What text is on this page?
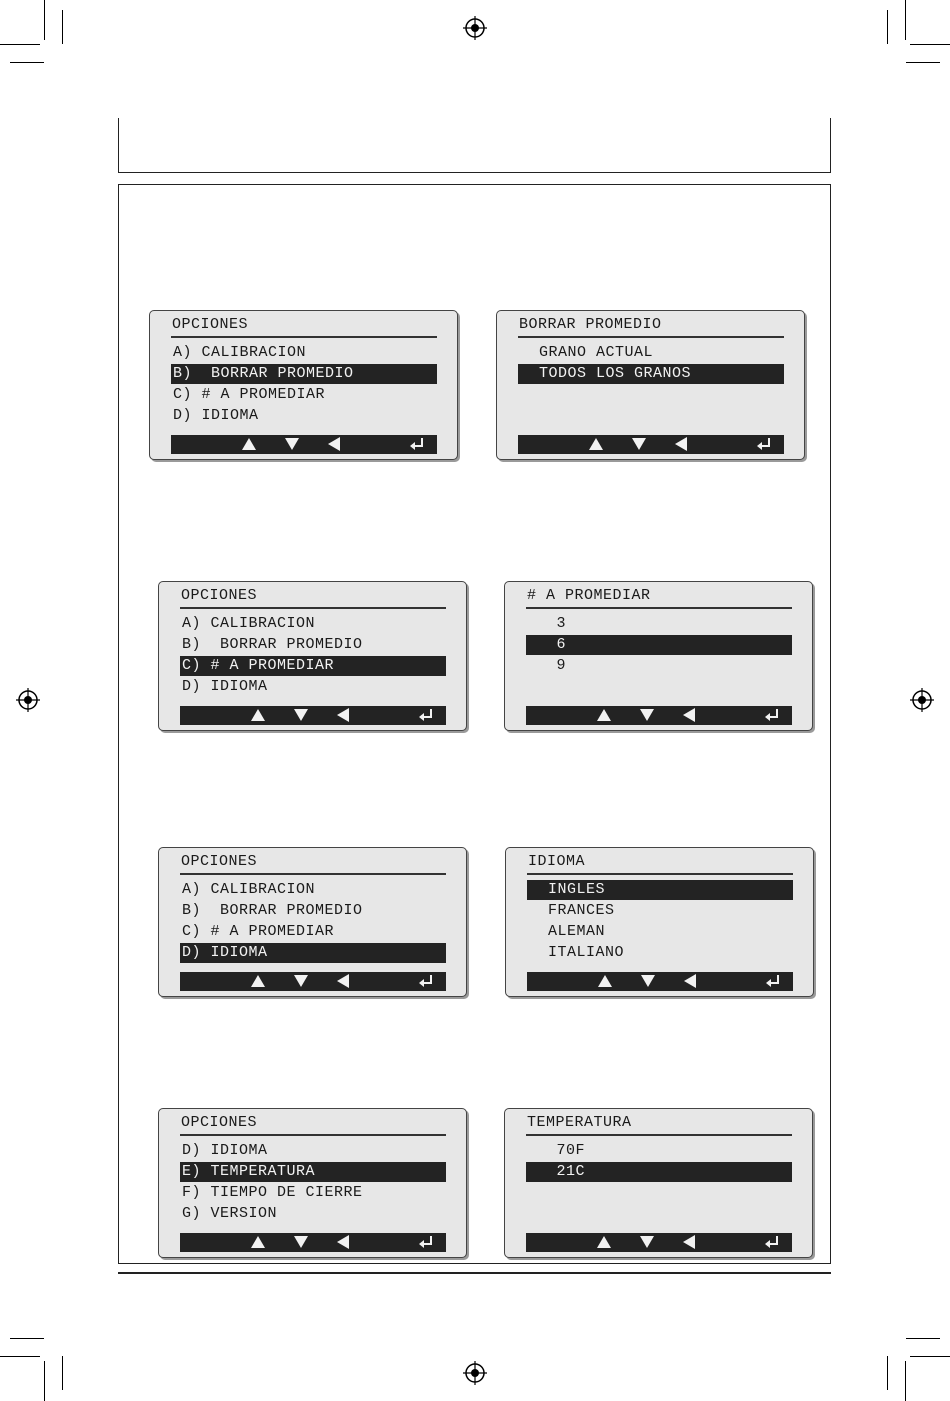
OPCIONES
A) CALIBRACION
B)  BORRAR PROMEDIO
C) # A PROMEDIAR
D) IDIOMA
BORRAR PROMEDIO
GRANO ACTUAL
TODOS LOS GRANOS
OPCIONES
A) CALIBRACION
B)  BORRAR PROMEDIO
C) # A PROMEDIAR
D) IDIOMA
# A PROMEDIAR
3
6
9
OPCIONES
A) CALIBRACION
B)  BORRAR PROMEDIO
C) # A PROMEDIAR
D) IDIOMA
IDIOMA
INGLES
FRANCES
ALEMAN
ITALIANO
OPCIONES
D) IDIOMA
E) TEMPERATURA
F) TIEMPO DE CIERRE
G) VERSION
TEMPERATURA
70F
21C
